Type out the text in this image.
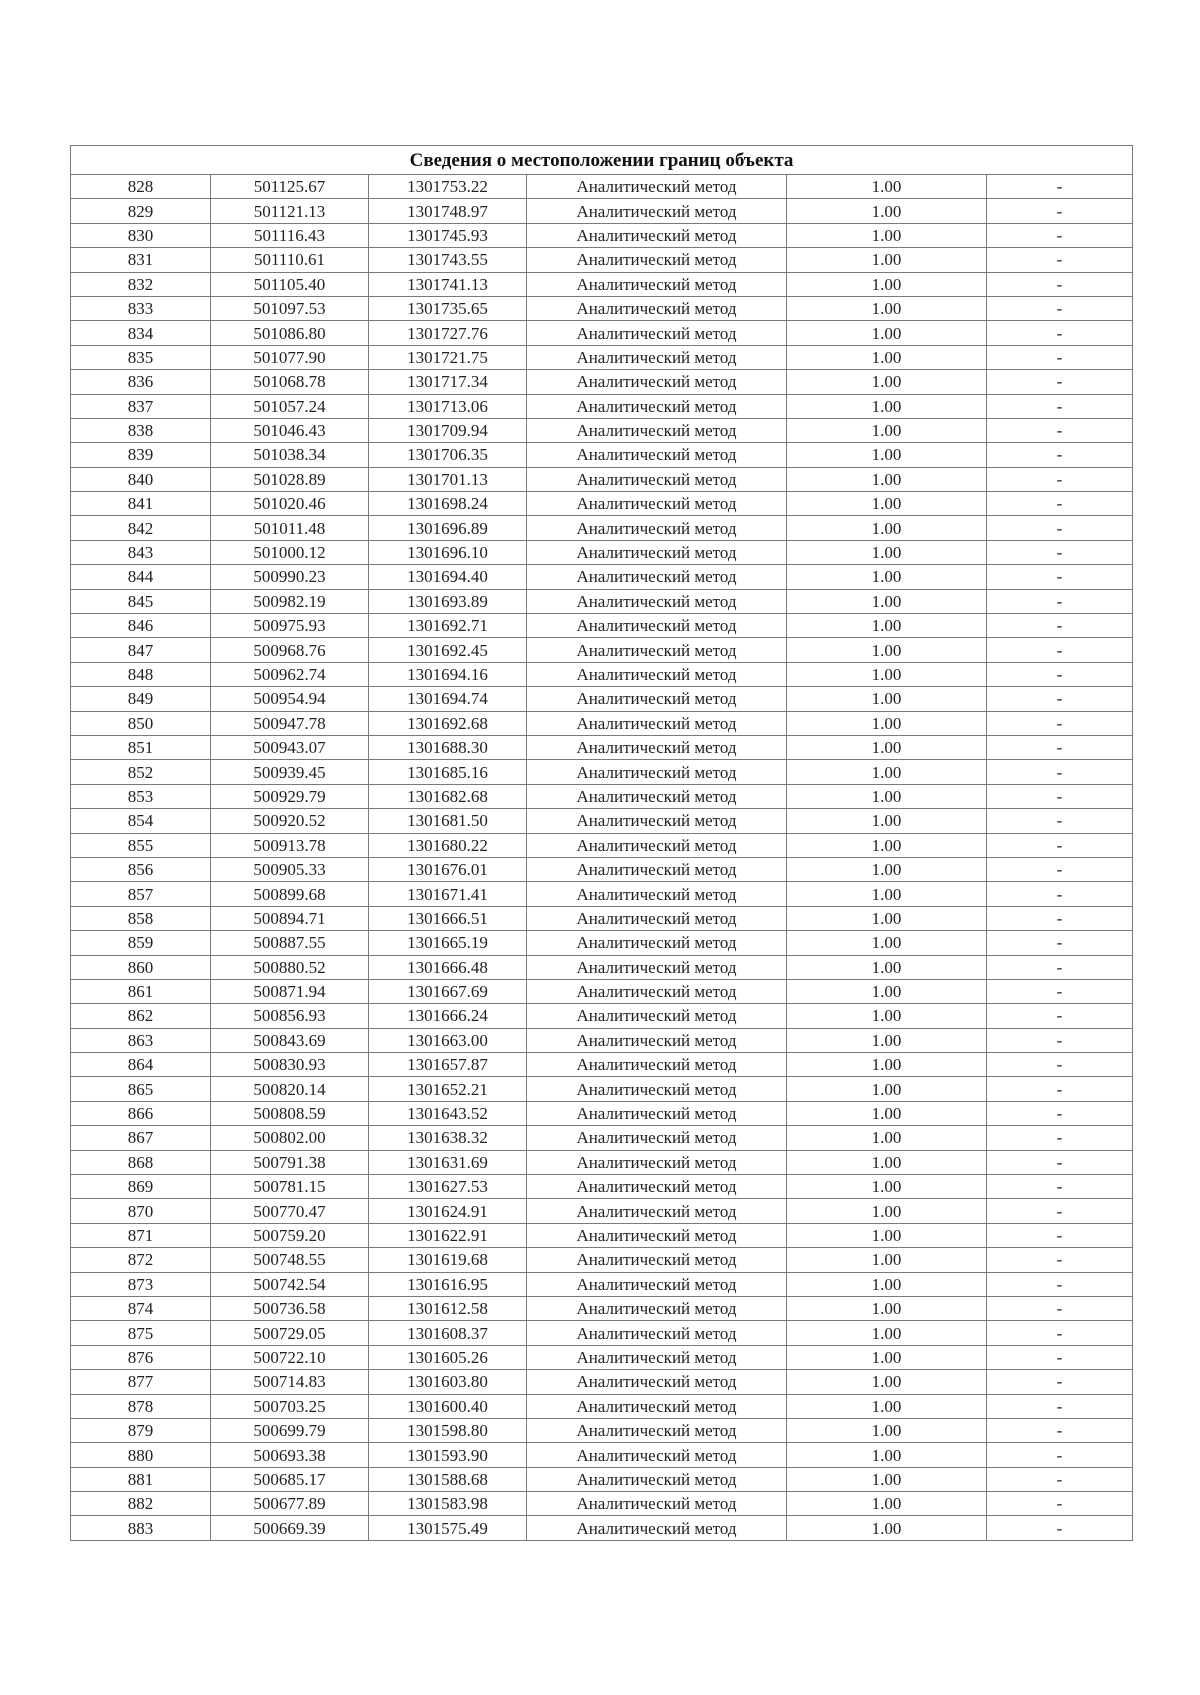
Сведения о местоположении границ объекта					
828	501125.67	1301753.22	Аналитический метод	1.00	-
829	501121.13	1301748.97	Аналитический метод	1.00	-
830	501116.43	1301745.93	Аналитический метод	1.00	-
831	501110.61	1301743.55	Аналитический метод	1.00	-
832	501105.40	1301741.13	Аналитический метод	1.00	-
833	501097.53	1301735.65	Аналитический метод	1.00	-
834	501086.80	1301727.76	Аналитический метод	1.00	-
835	501077.90	1301721.75	Аналитический метод	1.00	-
836	501068.78	1301717.34	Аналитический метод	1.00	-
837	501057.24	1301713.06	Аналитический метод	1.00	-
838	501046.43	1301709.94	Аналитический метод	1.00	-
839	501038.34	1301706.35	Аналитический метод	1.00	-
840	501028.89	1301701.13	Аналитический метод	1.00	-
841	501020.46	1301698.24	Аналитический метод	1.00	-
842	501011.48	1301696.89	Аналитический метод	1.00	-
843	501000.12	1301696.10	Аналитический метод	1.00	-
844	500990.23	1301694.40	Аналитический метод	1.00	-
845	500982.19	1301693.89	Аналитический метод	1.00	-
846	500975.93	1301692.71	Аналитический метод	1.00	-
847	500968.76	1301692.45	Аналитический метод	1.00	-
848	500962.74	1301694.16	Аналитический метод	1.00	-
849	500954.94	1301694.74	Аналитический метод	1.00	-
850	500947.78	1301692.68	Аналитический метод	1.00	-
851	500943.07	1301688.30	Аналитический метод	1.00	-
852	500939.45	1301685.16	Аналитический метод	1.00	-
853	500929.79	1301682.68	Аналитический метод	1.00	-
854	500920.52	1301681.50	Аналитический метод	1.00	-
855	500913.78	1301680.22	Аналитический метод	1.00	-
856	500905.33	1301676.01	Аналитический метод	1.00	-
857	500899.68	1301671.41	Аналитический метод	1.00	-
858	500894.71	1301666.51	Аналитический метод	1.00	-
859	500887.55	1301665.19	Аналитический метод	1.00	-
860	500880.52	1301666.48	Аналитический метод	1.00	-
861	500871.94	1301667.69	Аналитический метод	1.00	-
862	500856.93	1301666.24	Аналитический метод	1.00	-
863	500843.69	1301663.00	Аналитический метод	1.00	-
864	500830.93	1301657.87	Аналитический метод	1.00	-
865	500820.14	1301652.21	Аналитический метод	1.00	-
866	500808.59	1301643.52	Аналитический метод	1.00	-
867	500802.00	1301638.32	Аналитический метод	1.00	-
868	500791.38	1301631.69	Аналитический метод	1.00	-
869	500781.15	1301627.53	Аналитический метод	1.00	-
870	500770.47	1301624.91	Аналитический метод	1.00	-
871	500759.20	1301622.91	Аналитический метод	1.00	-
872	500748.55	1301619.68	Аналитический метод	1.00	-
873	500742.54	1301616.95	Аналитический метод	1.00	-
874	500736.58	1301612.58	Аналитический метод	1.00	-
875	500729.05	1301608.37	Аналитический метод	1.00	-
876	500722.10	1301605.26	Аналитический метод	1.00	-
877	500714.83	1301603.80	Аналитический метод	1.00	-
878	500703.25	1301600.40	Аналитический метод	1.00	-
879	500699.79	1301598.80	Аналитический метод	1.00	-
880	500693.38	1301593.90	Аналитический метод	1.00	-
881	500685.17	1301588.68	Аналитический метод	1.00	-
882	500677.89	1301583.98	Аналитический метод	1.00	-
883	500669.39	1301575.49	Аналитический метод	1.00	-
